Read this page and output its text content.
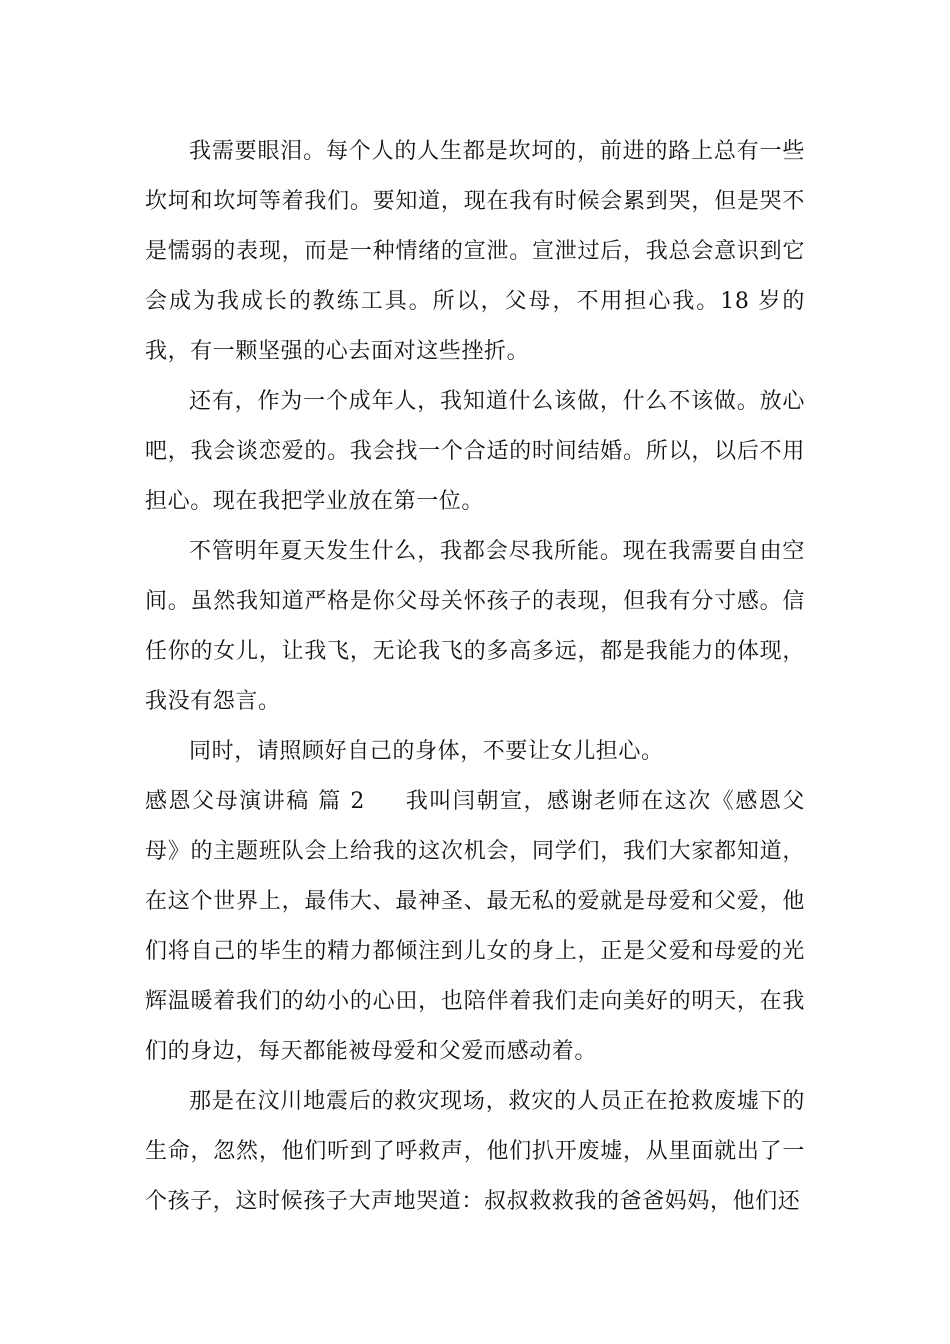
我需要眼泪。每个人的人生都是坎坷的，前进的路上总有一些坎坷和坎坷等着我们。要知道，现在我有时候会累到哭，但是哭不是懦弱的表现，而是一种情绪的宣泄。宣泄过后，我总会意识到它会成为我成长的教练工具。所以，父母，不用担心我。18 岁的我，有一颗坚强的心去面对这些挫折。

还有，作为一个成年人，我知道什么该做，什么不该做。放心吧，我会谈恋爱的。我会找一个合适的时间结婚。所以，以后不用担心。现在我把学业放在第一位。

不管明年夏天发生什么，我都会尽我所能。现在我需要自由空间。虽然我知道严格是你父母关怀孩子的表现，但我有分寸感。信任你的女儿，让我飞，无论我飞的多高多远，都是我能力的体现，我没有怨言。

同时，请照顾好自己的身体，不要让女儿担心。

感恩父母演讲稿 篇 2 我叫闫朝宣，感谢老师在这次《感恩父母》的主题班队会上给我的这次机会，同学们，我们大家都知道，在这个世界上，最伟大、最神圣、最无私的爱就是母爱和父爱，他们将自己的毕生的精力都倾注到儿女的身上，正是父爱和母爱的光辉温暖着我们的幼小的心田，也陪伴着我们走向美好的明天，在我们的身边，每天都能被母爱和父爱而感动着。

那是在汶川地震后的救灾现场，救灾的人员正在抢救废墟下的生命，忽然，他们听到了呼救声，他们扒开废墟，从里面就出了一个孩子，这时候孩子大声地哭道：叔叔救救我的爸爸妈妈，他们还
